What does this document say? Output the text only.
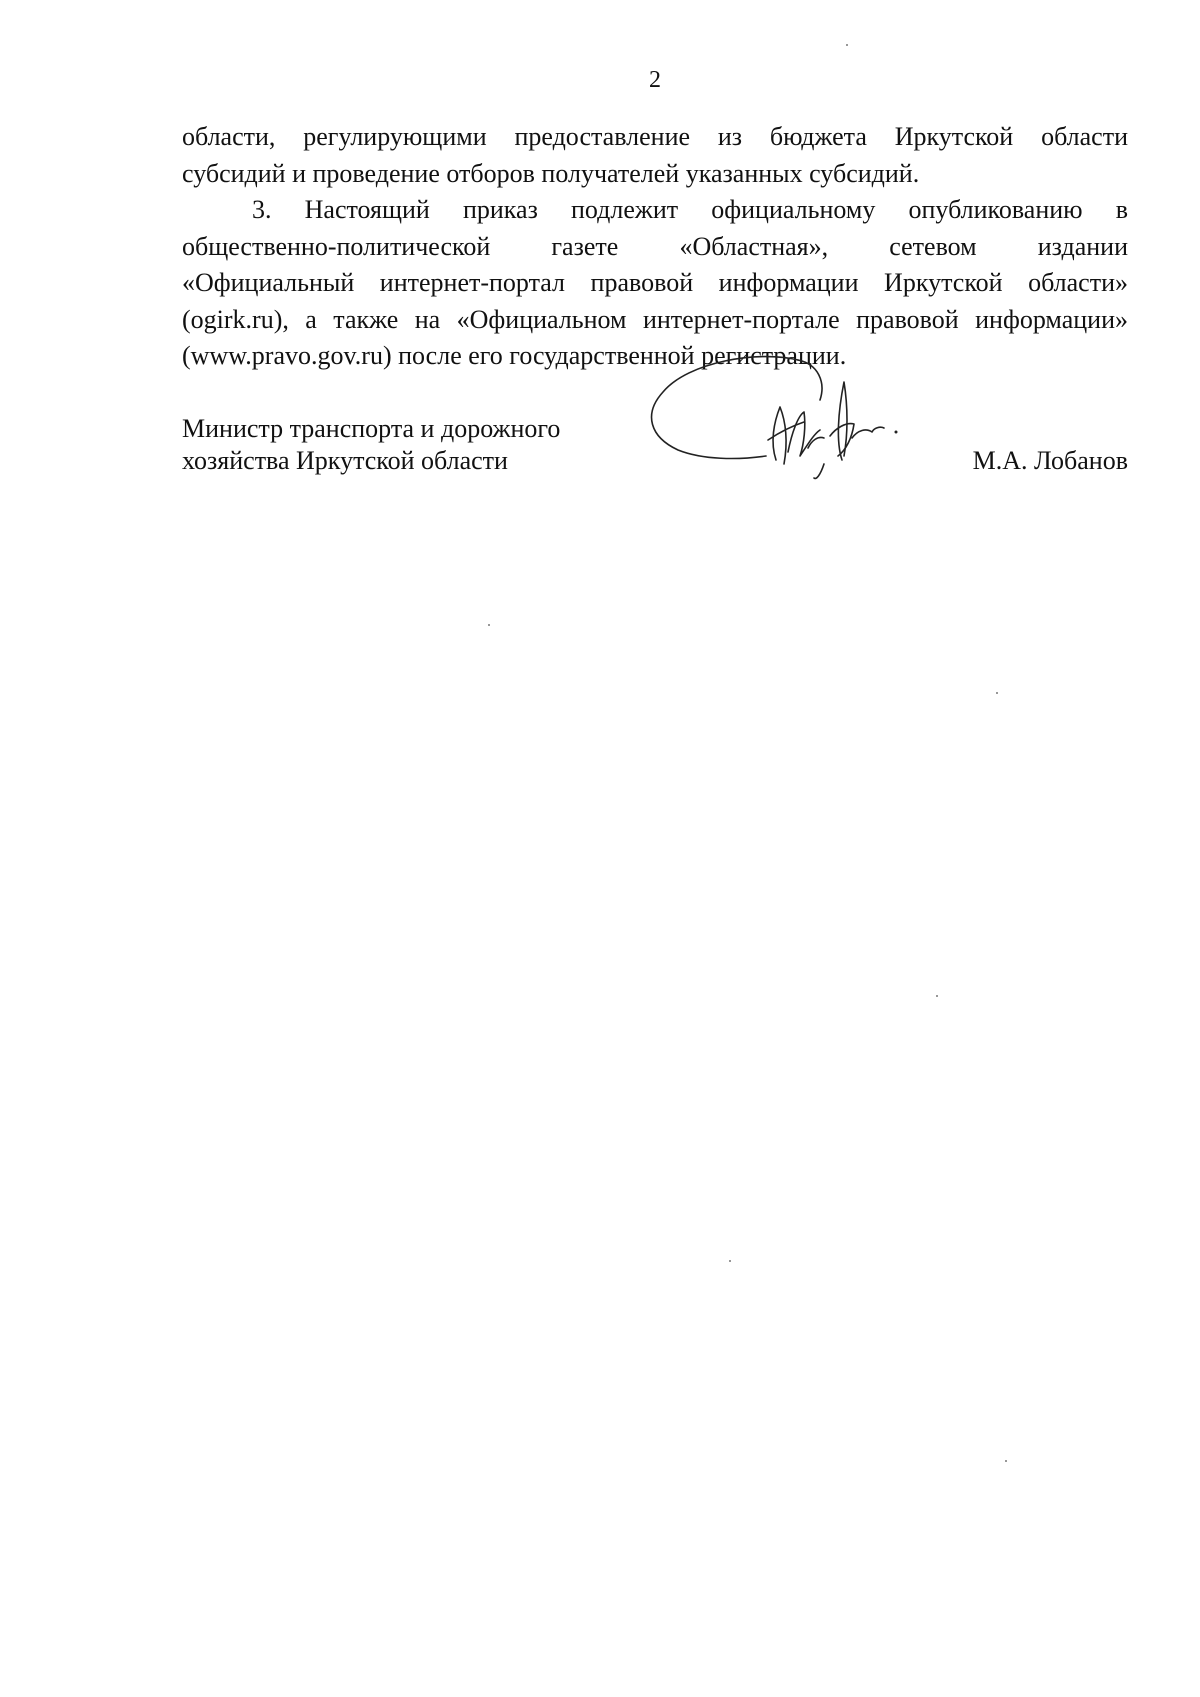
2

области, регулирующими предоставление из бюджета Иркутской области
субсидий и проведение отборов получателей указанных субсидий.

3. Настоящий приказ подлежит официальному опубликованию в
общественно-политической газете «Областная», сетевом издании
«Официальный интернет-портал правовой информации Иркутской области»
(ogirk.ru), а также на «Официальном интернет-портале правовой информации»
(www.pravo.gov.ru) после его государственной регистрации.

Министр транспорта и дорожного
хозяйства Иркутской области	М.А. Лобанов
